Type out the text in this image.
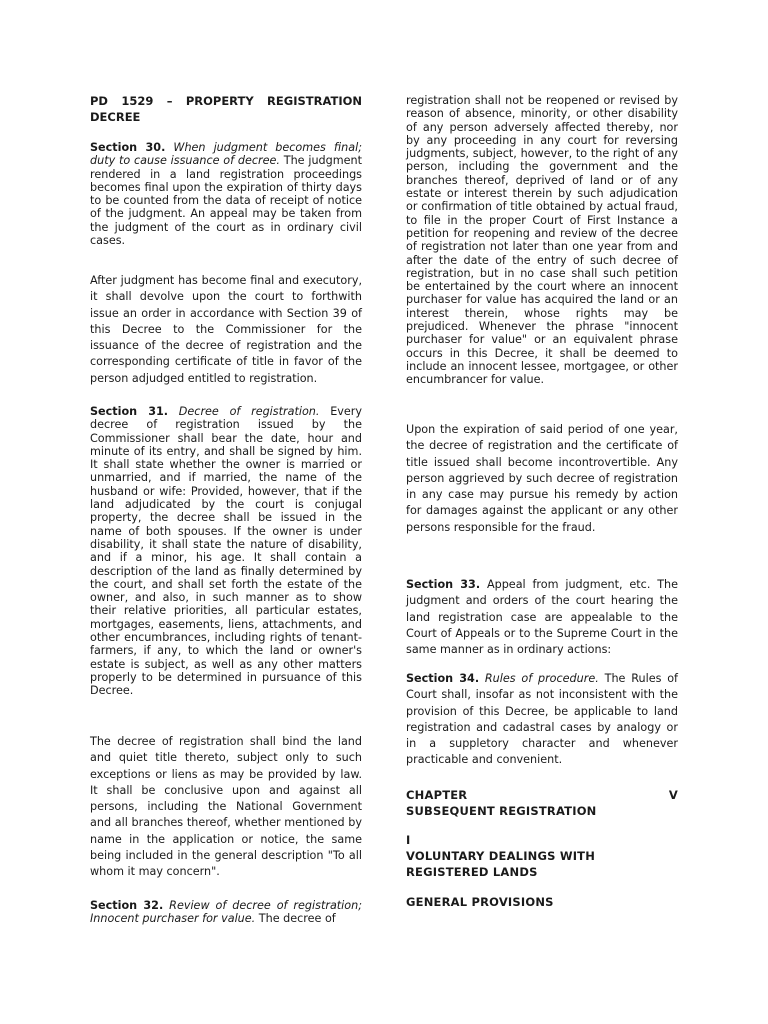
PD 1529 – PROPERTY REGISTRATION DECREE

Section 30. When judgment becomes final; duty to cause issuance of decree. The judgment rendered in a land registration proceedings becomes final upon the expiration of thirty days to be counted from the data of receipt of notice of the judgment. An appeal may be taken from the judgment of the court as in ordinary civil cases.

After judgment has become final and executory, it shall devolve upon the court to forthwith issue an order in accordance with Section 39 of this Decree to the Commissioner for the issuance of the decree of registration and the corresponding certificate of title in favor of the person adjudged entitled to registration.

Section 31. Decree of registration. Every decree of registration issued by the Commissioner shall bear the date, hour and minute of its entry, and shall be signed by him. It shall state whether the owner is married or unmarried, and if married, the name of the husband or wife: Provided, however, that if the land adjudicated by the court is conjugal property, the decree shall be issued in the name of both spouses. If the owner is under disability, it shall state the nature of disability, and if a minor, his age. It shall contain a description of the land as finally determined by the court, and shall set forth the estate of the owner, and also, in such manner as to show their relative priorities, all particular estates, mortgages, easements, liens, attachments, and other encumbrances, including rights of tenant-farmers, if any, to which the land or owner's estate is subject, as well as any other matters properly to be determined in pursuance of this Decree.

The decree of registration shall bind the land and quiet title thereto, subject only to such exceptions or liens as may be provided by law. It shall be conclusive upon and against all persons, including the National Government and all branches thereof, whether mentioned by name in the application or notice, the same being included in the general description "To all whom it may concern".

Section 32. Review of decree of registration; Innocent purchaser for value. The decree of

registration shall not be reopened or revised by reason of absence, minority, or other disability of any person adversely affected thereby, nor by any proceeding in any court for reversing judgments, subject, however, to the right of any person, including the government and the branches thereof, deprived of land or of any estate or interest therein by such adjudication or confirmation of title obtained by actual fraud, to file in the proper Court of First Instance a petition for reopening and review of the decree of registration not later than one year from and after the date of the entry of such decree of registration, but in no case shall such petition be entertained by the court where an innocent purchaser for value has acquired the land or an interest therein, whose rights may be prejudiced. Whenever the phrase "innocent purchaser for value" or an equivalent phrase occurs in this Decree, it shall be deemed to include an innocent lessee, mortgagee, or other encumbrancer for value.

Upon the expiration of said period of one year, the decree of registration and the certificate of title issued shall become incontrovertible. Any person aggrieved by such decree of registration in any case may pursue his remedy by action for damages against the applicant or any other persons responsible for the fraud.

Section 33. Appeal from judgment, etc. The judgment and orders of the court hearing the land registration case are appealable to the Court of Appeals or to the Supreme Court in the same manner as in ordinary actions:

Section 34. Rules of procedure. The Rules of Court shall, insofar as not inconsistent with the provision of this Decree, be applicable to land registration and cadastral cases by analogy or in a suppletory character and whenever practicable and convenient.

CHAPTER	V
SUBSEQUENT REGISTRATION
I
VOLUNTARY DEALINGS WITH REGISTERED LANDS
GENERAL PROVISIONS
